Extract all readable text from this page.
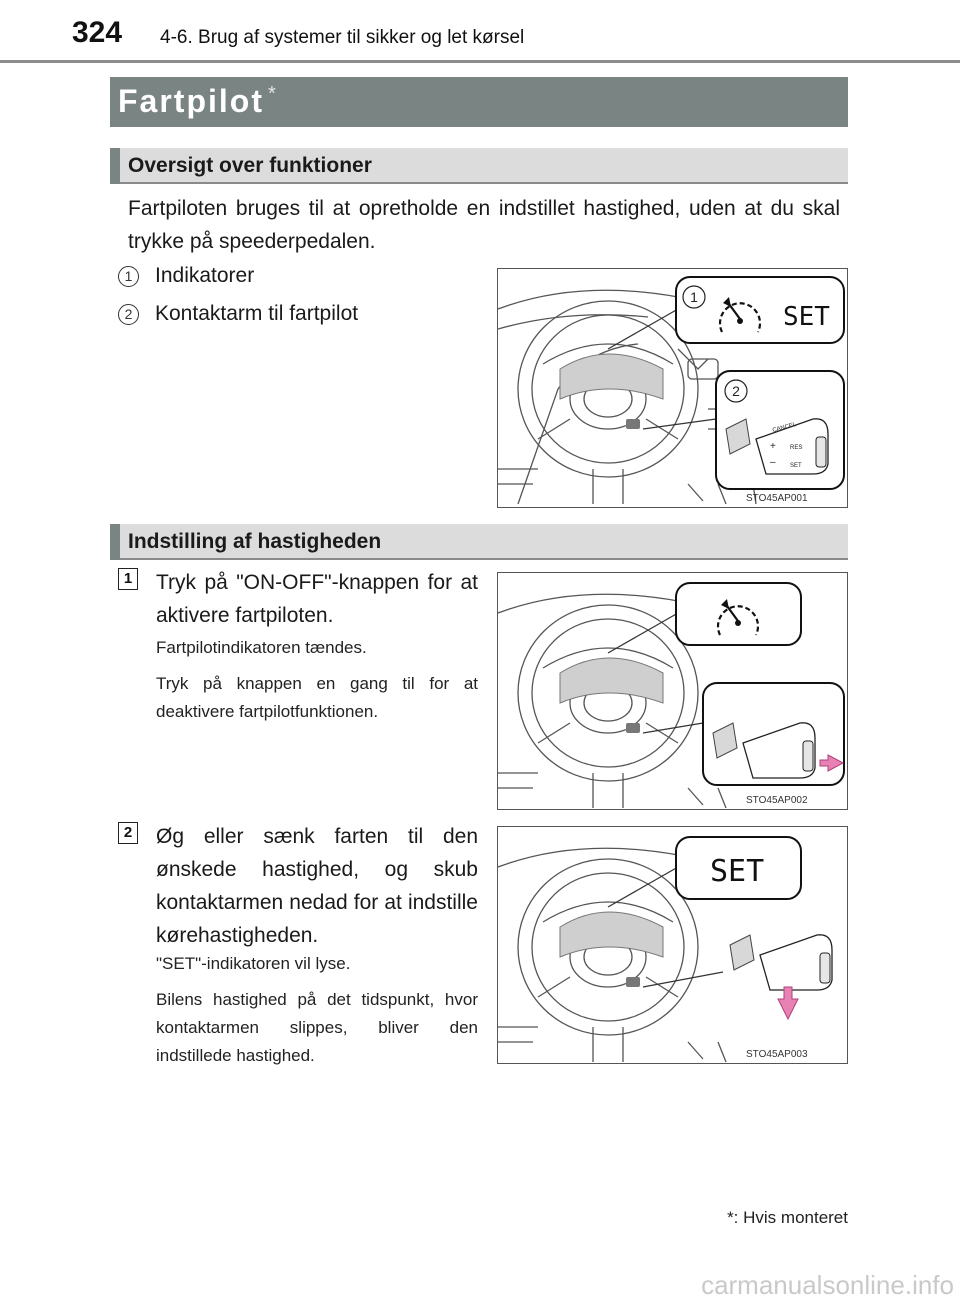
324 4-6. Brug af systemer til sikker og let kørsel
Fartpilot *
Oversigt over funktioner
Fartpiloten bruges til at opretholde en indstillet hastighed, uden at du skal trykke på speederpedalen.
1	Indikatorer
2	Kontaktarm til fartpilot
1
SET
2
CANCEL
RES
SET
+
–
STO45AP001
Indstilling af hastigheden
1 Tryk på "ON-OFF"-knappen for at aktivere fartpiloten.
Fartpilotindikatoren tændes.
Tryk på knappen en gang til for at deaktivere fartpilotfunktionen.
STO45AP002
2 Øg eller sænk farten til den ønskede hastighed, og skub kontaktarmen nedad for at indstille kørehastigheden.
"SET"-indikatoren vil lyse.
Bilens hastighed på det tidspunkt, hvor kontaktarmen slippes, bliver den indstillede hastighed.
SET
STO45AP003
*: Hvis monteret
carmanualsonline.info
